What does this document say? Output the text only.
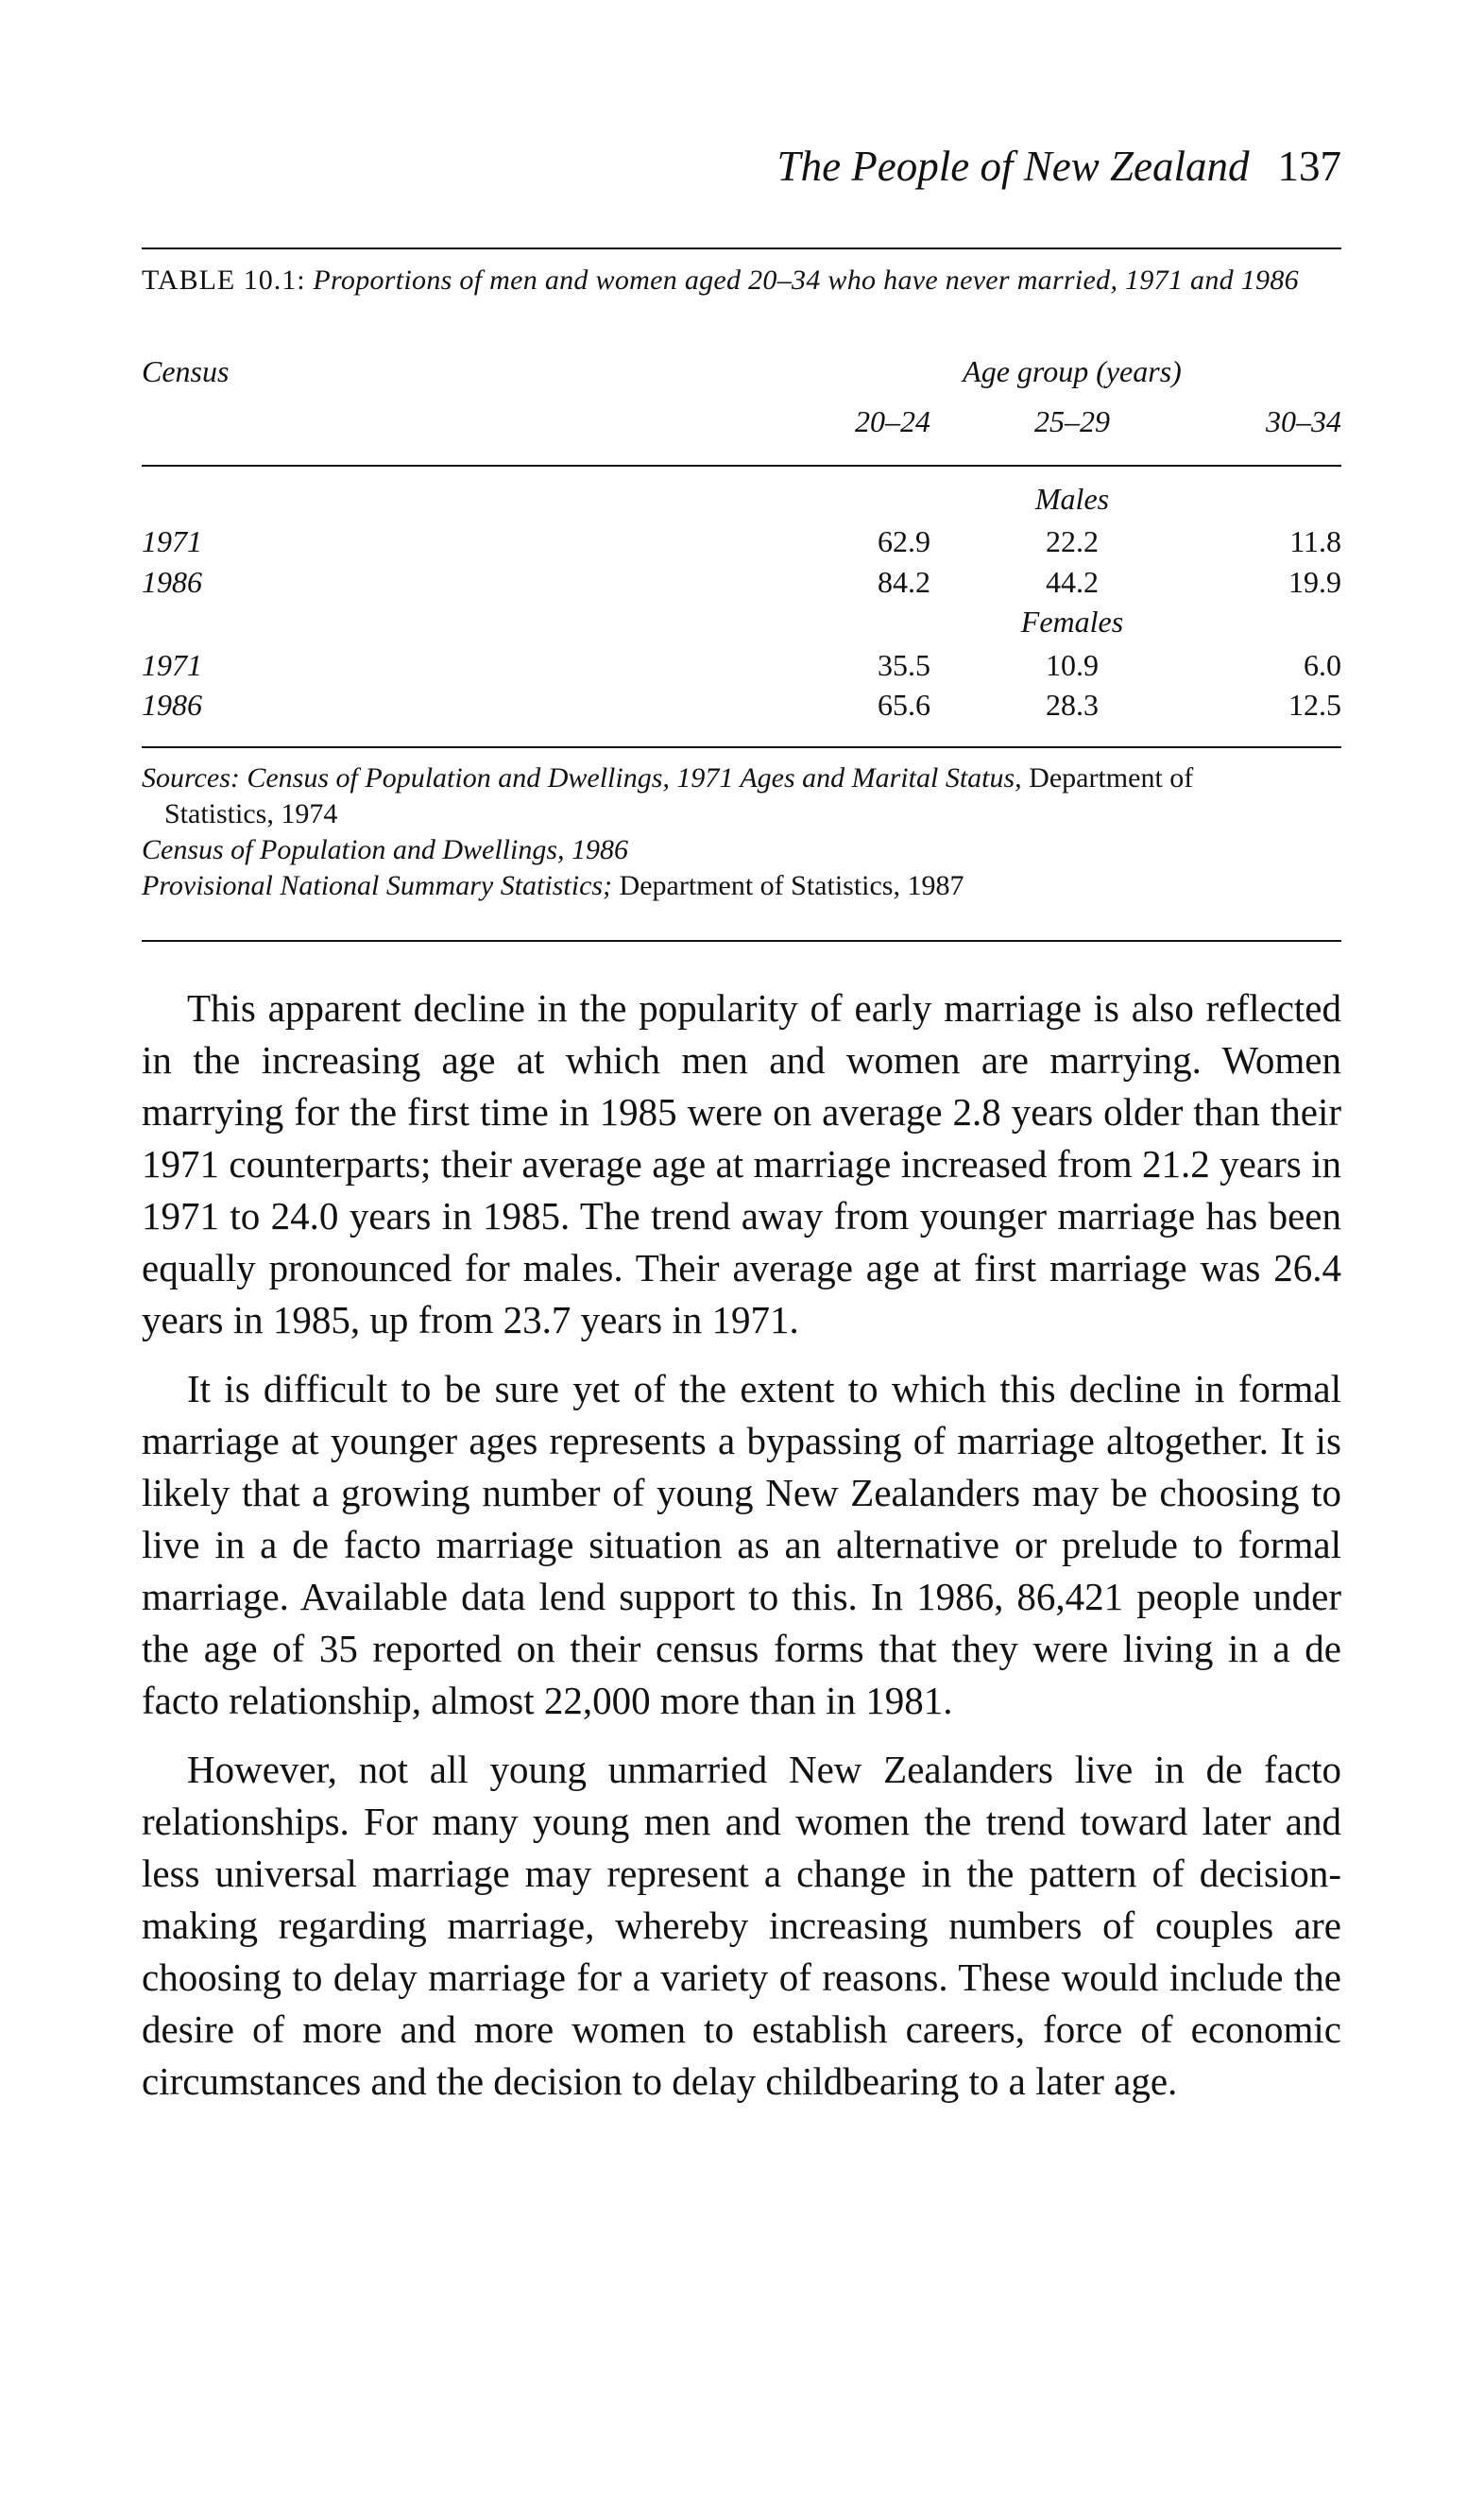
The People of New Zealand 137
TABLE 10.1: Proportions of men and women aged 20–34 who have never married, 1971 and 1986
Census	Age group (years)
20–24	25–29	30–34
Males
1971	62.9	22.2	11.8
1986	84.2	44.2	19.9
Females
1971	35.5	10.9	6.0
1986	65.6	28.3	12.5
Sources: Census of Population and Dwellings, 1971 Ages and Marital Status, Department of
Statistics, 1974
Census of Population and Dwellings, 1986
Provisional National Summary Statistics; Department of Statistics, 1987

This apparent decline in the popularity of early marriage is also reflected in the increasing age at which men and women are marrying. Women marrying for the first time in 1985 were on average 2.8 years older than their 1971 counterparts; their average age at marriage increased from 21.2 years in 1971 to 24.0 years in 1985. The trend away from younger marriage has been equally pronounced for males. Their average age at first marriage was 26.4 years in 1985, up from 23.7 years in 1971.

It is difficult to be sure yet of the extent to which this decline in formal marriage at younger ages represents a bypassing of marriage altogether. It is likely that a growing number of young New Zealanders may be choosing to live in a de facto marriage situation as an alternative or prelude to formal marriage. Available data lend support to this. In 1986, 86,421 people under the age of 35 reported on their census forms that they were living in a de facto relationship, almost 22,000 more than in 1981.

However, not all young unmarried New Zealanders live in de facto relationships. For many young men and women the trend toward later and less universal marriage may represent a change in the pattern of decision-making regarding marriage, whereby increasing numbers of couples are choosing to delay marriage for a variety of reasons. These would include the desire of more and more women to establish careers, force of economic circumstances and the decision to delay childbearing to a later age.
